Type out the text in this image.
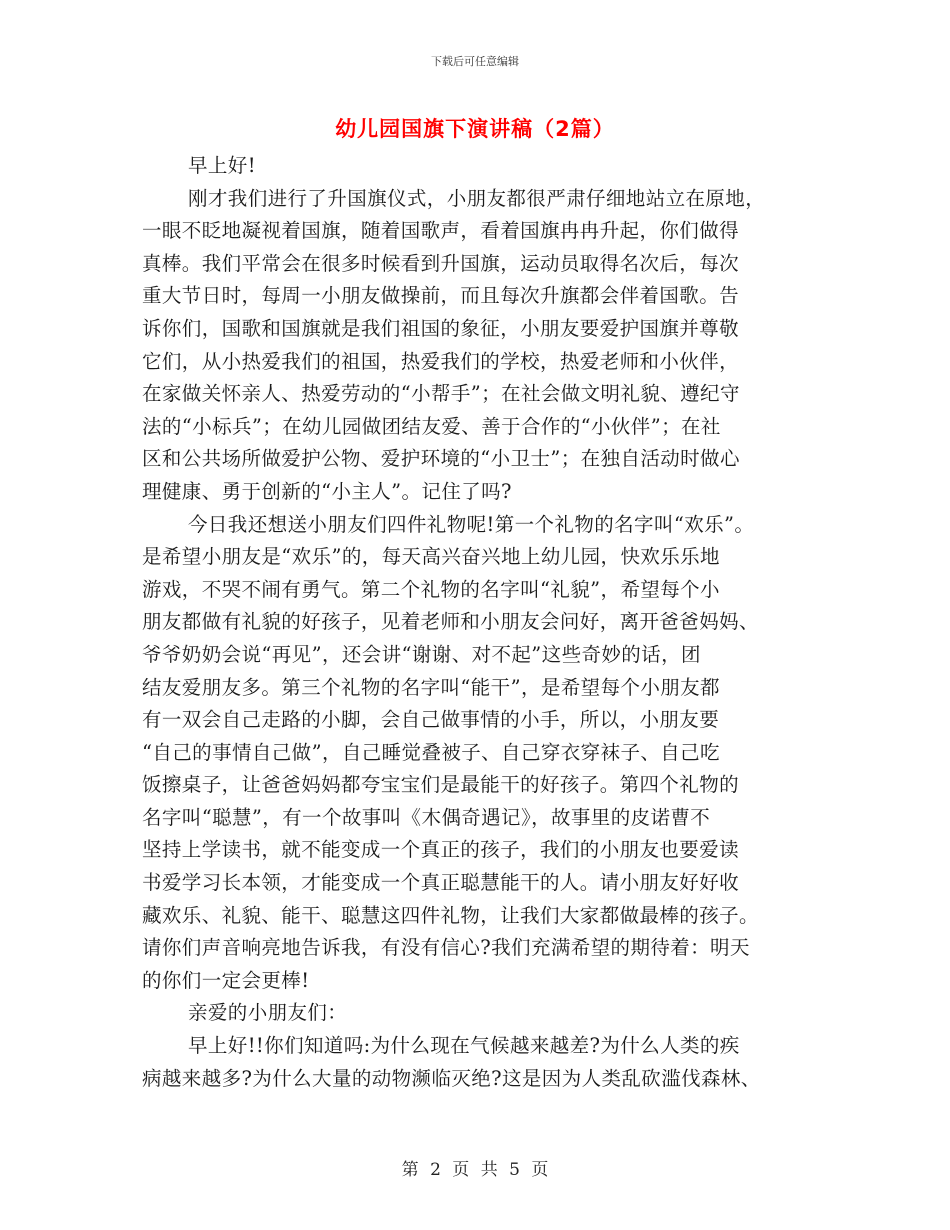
下载后可任意编辑
幼儿园国旗下演讲稿（2篇）
早上好!
刚才我们进行了升国旗仪式，小朋友都很严肃仔细地站立在原地，
一眼不眨地凝视着国旗，随着国歌声，看着国旗冉冉升起，你们做得
真棒。我们平常会在很多时候看到升国旗，运动员取得名次后，每次
重大节日时，每周一小朋友做操前，而且每次升旗都会伴着国歌。告
诉你们，国歌和国旗就是我们祖国的象征，小朋友要爱护国旗并尊敬
它们，从小热爱我们的祖国，热爱我们的学校，热爱老师和小伙伴，
在家做关怀亲人、热爱劳动的“小帮手”；在社会做文明礼貌、遵纪守
法的“小标兵”；在幼儿园做团结友爱、善于合作的“小伙伴”；在社
区和公共场所做爱护公物、爱护环境的“小卫士”；在独自活动时做心
理健康、勇于创新的“小主人”。记住了吗?
今日我还想送小朋友们四件礼物呢!第一个礼物的名字叫“欢乐”。
是希望小朋友是“欢乐”的，每天高兴奋兴地上幼儿园，快欢乐乐地
游戏，不哭不闹有勇气。第二个礼物的名字叫“礼貌”，希望每个小
朋友都做有礼貌的好孩子，见着老师和小朋友会问好，离开爸爸妈妈、
爷爷奶奶会说“再见”，还会讲“谢谢、对不起”这些奇妙的话，团
结友爱朋友多。第三个礼物的名字叫“能干”，是希望每个小朋友都
有一双会自己走路的小脚，会自己做事情的小手，所以，小朋友要
“自己的事情自己做”，自己睡觉叠被子、自己穿衣穿袜子、自己吃
饭擦桌子，让爸爸妈妈都夸宝宝们是最能干的好孩子。第四个礼物的
名字叫“聪慧”，有一个故事叫《木偶奇遇记》，故事里的皮诺曹不
坚持上学读书，就不能变成一个真正的孩子，我们的小朋友也要爱读
书爱学习长本领，才能变成一个真正聪慧能干的人。请小朋友好好收
藏欢乐、礼貌、能干、聪慧这四件礼物，让我们大家都做最棒的孩子。
请你们声音响亮地告诉我，有没有信心?我们充满希望的期待着：明天
的你们一定会更棒!
亲爱的小朋友们：
早上好!!你们知道吗:为什么现在气候越来越差?为什么人类的疾
病越来越多?为什么大量的动物濒临灭绝?这是因为人类乱砍滥伐森林、
第 2 页 共 5 页
